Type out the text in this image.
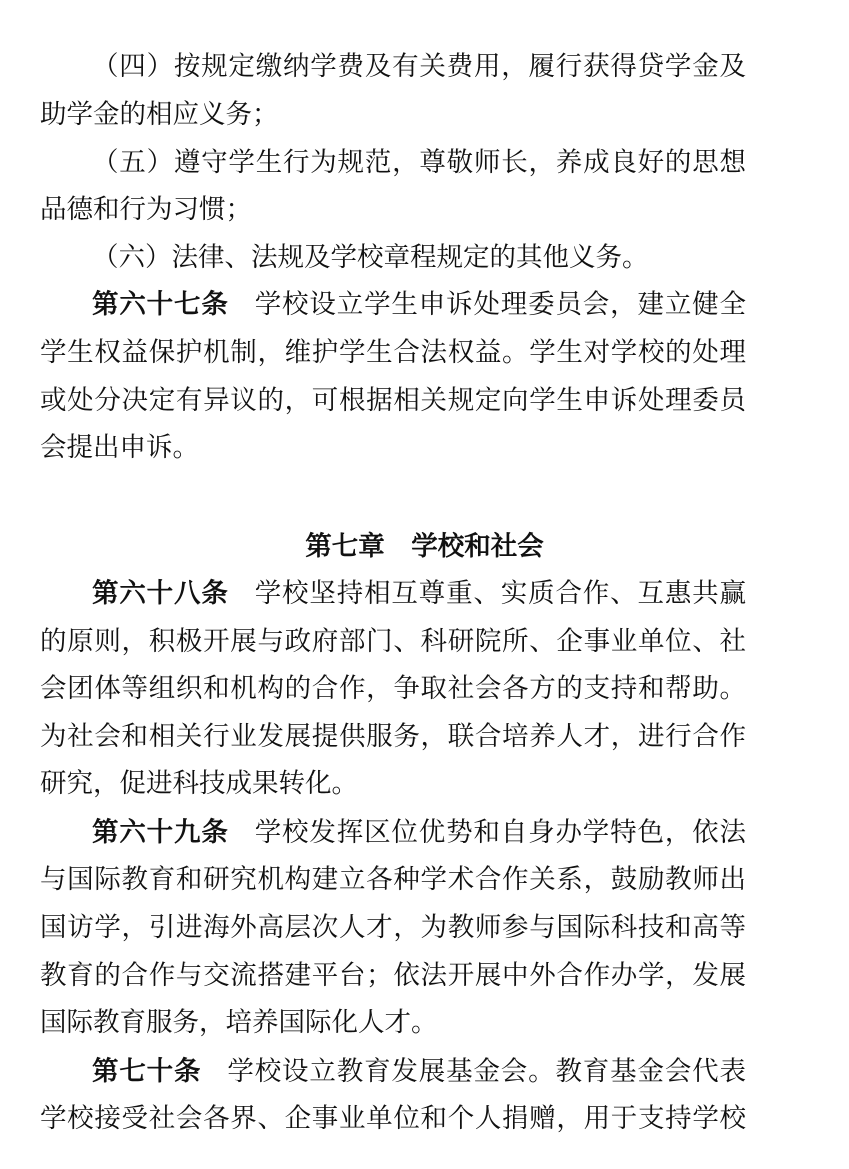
（四）按规定缴纳学费及有关费用，履行获得贷学金及
助学金的相应义务；
（五）遵守学生行为规范，尊敬师长，养成良好的思想
品德和行为习惯；
（六）法律、法规及学校章程规定的其他义务。
第六十七条 学校设立学生申诉处理委员会，建立健全
学生权益保护机制，维护学生合法权益。学生对学校的处理
或处分决定有异议的，可根据相关规定向学生申诉处理委员
会提出申诉。
第七章　学校和社会
第六十八条 学校坚持相互尊重、实质合作、互惠共赢
的原则，积极开展与政府部门、科研院所、企事业单位、社
会团体等组织和机构的合作，争取社会各方的支持和帮助。
为社会和相关行业发展提供服务，联合培养人才，进行合作
研究，促进科技成果转化。
第六十九条 学校发挥区位优势和自身办学特色，依法
与国际教育和研究机构建立各种学术合作关系，鼓励教师出
国访学，引进海外高层次人才，为教师参与国际科技和高等
教育的合作与交流搭建平台；依法开展中外合作办学，发展
国际教育服务，培养国际化人才。
第七十条 学校设立教育发展基金会。教育基金会代表
学校接受社会各界、企事业单位和个人捐赠，用于支持学校
